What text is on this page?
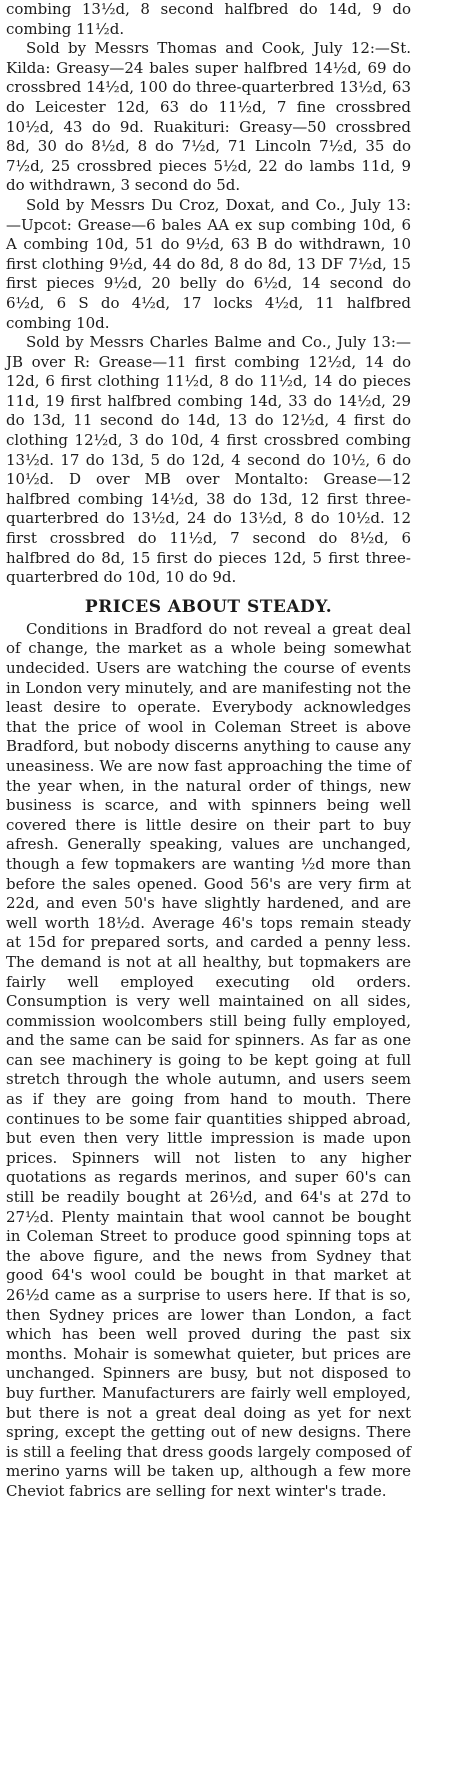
combing 13½d, 8 second halfbred do 14d, 9 do combing 11½d.

Sold by Messrs Thomas and Cook, July 12:—St. Kilda: Greasy—24 bales super halfbred 14½d, 69 do crossbred 14½d, 100 do three-quarterbred 13½d, 63 do Leicester 12d, 63 do 11½d, 7 fine crossbred 10½d, 43 do 9d. Ruakituri: Greasy—50 crossbred 8d, 30 do 8½d, 8 do 7½d, 71 Lincoln 7½d, 35 do 7½d, 25 crossbred pieces 5½d, 22 do lambs 11d, 9 do withdrawn, 3 second do 5d.

Sold by Messrs Du Croz, Doxat, and Co., July 13:—Upcot: Grease—6 bales AA ex sup combing 10d, 6 A combing 10d, 51 do 9½d, 63 B do withdrawn, 10 first clothing 9½d, 44 do 8d, 8 do 8d, 13 DF 7½d, 15 first pieces 9½d, 20 belly do 6½d, 14 second do 6½d, 6 S do 4½d, 17 locks 4½d, 11 halfbred combing 10d.

Sold by Messrs Charles Balme and Co., July 13:—JB over R: Grease—11 first combing 12½d, 14 do 12d, 6 first clothing 11½d, 8 do 11½d, 14 do pieces 11d, 19 first halfbred combing 14d, 33 do 14½d, 29 do 13d, 11 second do 14d, 13 do 12½d, 4 first do clothing 12½d, 3 do 10d, 4 first crossbred combing 13½d. 17 do 13d, 5 do 12d, 4 second do 10½, 6 do 10½d. D over MB over Montalto: Grease—12 halfbred combing 14½d, 38 do 13d, 12 first three-quarterbred do 13½d, 24 do 13½d, 8 do 10½d. 12 first crossbred do 11½d, 7 second do 8½d, 6 halfbred do 8d, 15 first do pieces 12d, 5 first three-quarterbred do 10d, 10 do 9d.

PRICES ABOUT STEADY.

Conditions in Bradford do not reveal a great deal of change, the market as a whole being somewhat undecided. Users are watching the course of events in London very minutely, and are manifesting not the least desire to operate. Everybody acknowledges that the price of wool in Coleman Street is above Bradford, but nobody discerns anything to cause any uneasiness. We are now fast approaching the time of the year when, in the natural order of things, new business is scarce, and with spinners being well covered there is little desire on their part to buy afresh. Generally speaking, values are unchanged, though a few topmakers are wanting ½d more than before the sales opened. Good 56's are very firm at 22d, and even 50's have slightly hardened, and are well worth 18½d. Average 46's tops remain steady at 15d for prepared sorts, and carded a penny less. The demand is not at all healthy, but topmakers are fairly well employed executing old orders. Consumption is very well maintained on all sides, commission woolcombers still being fully employed, and the same can be said for spinners. As far as one can see machinery is going to be kept going at full stretch through the whole autumn, and users seem as if they are going from hand to mouth. There continues to be some fair quantities shipped abroad, but even then very little impression is made upon prices. Spinners will not listen to any higher quotations as regards merinos, and super 60's can still be readily bought at 26½d, and 64's at 27d to 27½d. Plenty maintain that wool cannot be bought in Coleman Street to produce good spinning tops at the above figure, and the news from Sydney that good 64's wool could be bought in that market at 26½d came as a surprise to users here. If that is so, then Sydney prices are lower than London, a fact which has been well proved during the past six months. Mohair is somewhat quieter, but prices are unchanged. Spinners are busy, but not disposed to buy further. Manufacturers are fairly well employed, but there is not a great deal doing as yet for next spring, except the getting out of new designs. There is still a feeling that dress goods largely composed of merino yarns will be taken up, although a few more Cheviot fabrics are selling for next winter's trade.
